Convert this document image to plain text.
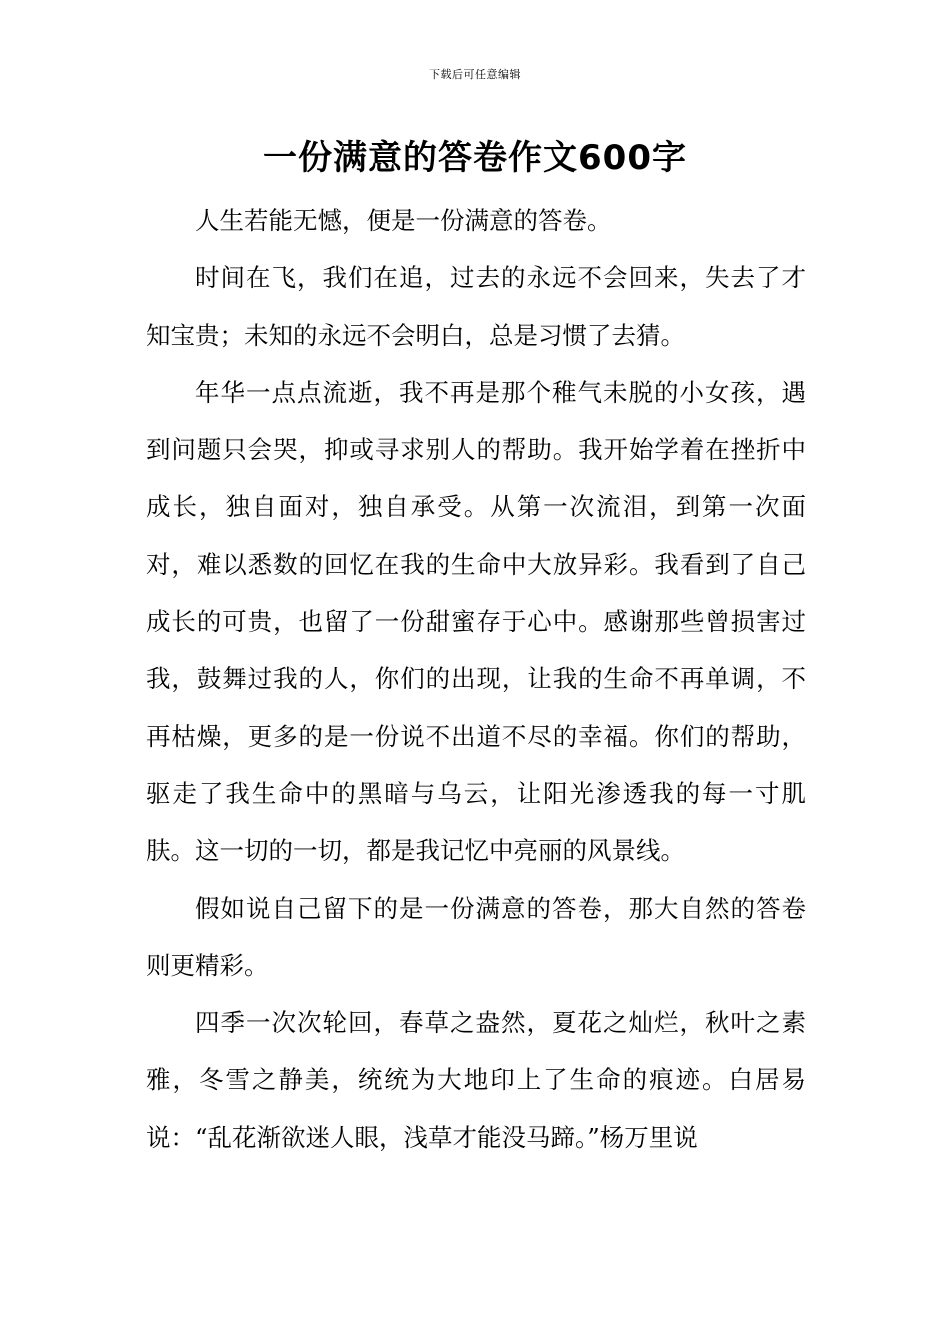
下载后可任意编辑
一份满意的答卷作文600字

人生若能无憾，便是一份满意的答卷。

时间在飞，我们在追，过去的永远不会回来，失去了才知宝贵；未知的永远不会明白，总是习惯了去猜。

年华一点点流逝，我不再是那个稚气未脱的小女孩，遇到问题只会哭，抑或寻求别人的帮助。我开始学着在挫折中成长，独自面对，独自承受。从第一次流泪，到第一次面对，难以悉数的回忆在我的生命中大放异彩。我看到了自己成长的可贵，也留了一份甜蜜存于心中。感谢那些曾损害过我，鼓舞过我的人，你们的出现，让我的生命不再单调，不再枯燥，更多的是一份说不出道不尽的幸福。你们的帮助，驱走了我生命中的黑暗与乌云，让阳光渗透我的每一寸肌肤。这一切的一切，都是我记忆中亮丽的风景线。

假如说自己留下的是一份满意的答卷，那大自然的答卷则更精彩。

四季一次次轮回，春草之盎然，夏花之灿烂，秋叶之素雅，冬雪之静美，统统为大地印上了生命的痕迹。白居易说：“乱花渐欲迷人眼，浅草才能没马蹄。”杨万里说
